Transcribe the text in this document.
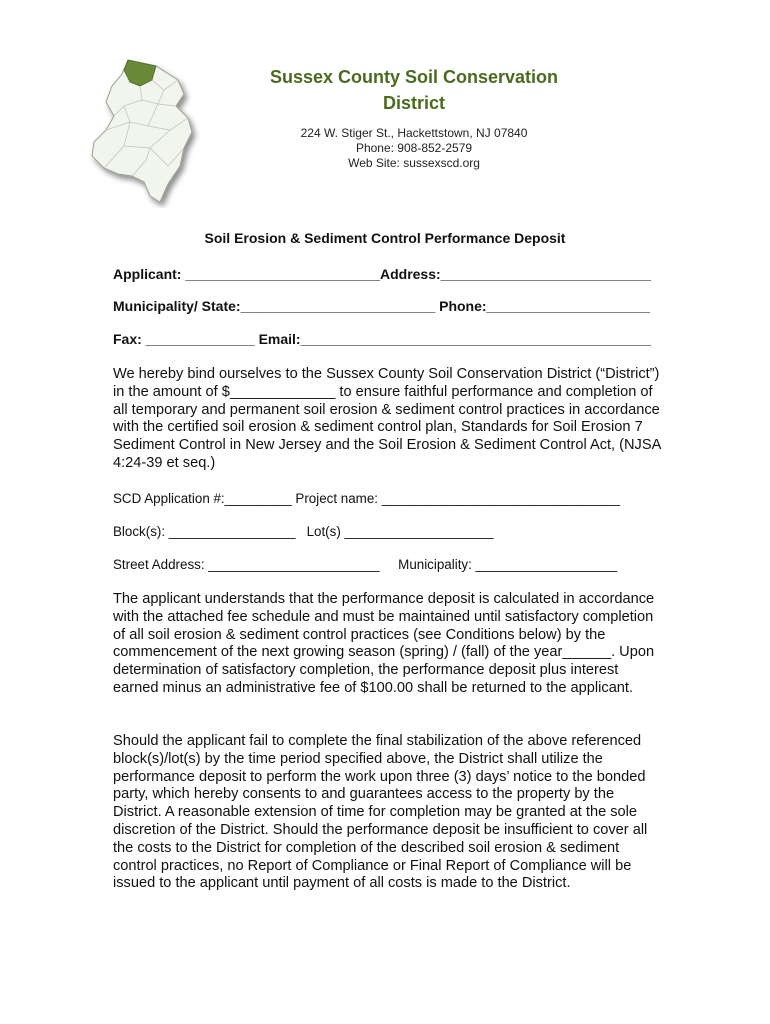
Sussex County Soil Conservation
District
224 W. Stiger St., Hackettstown, NJ 07840
Phone: 908-852-2579
Web Site: sussexscd.org
Soil Erosion & Sediment Control Performance Deposit
Applicant: _________________________Address:___________________________
Municipality/ State:_________________________ Phone:_____________________
Fax: ______________ Email:_____________________________________________

We hereby bind ourselves to the Sussex County Soil Conservation District (“District”) in the amount of $_____________ to ensure faithful performance and completion of all temporary and permanent soil erosion & sediment control practices in accordance with the certified soil erosion & sediment control plan, Standards for Soil Erosion 7 Sediment Control in New Jersey and the Soil Erosion & Sediment Control Act, (NJSA 4:24-39 et seq.)

SCD Application #:_________ Project name: ________________________________
Block(s): _________________   Lot(s) ____________________
Street Address: _______________________     Municipality: ___________________

The applicant understands that the performance deposit is calculated in accordance with the attached fee schedule and must be maintained until satisfactory completion of all soil erosion & sediment control practices (see Conditions below) by the commencement of the next growing season (spring) / (fall) of the year______. Upon determination of satisfactory completion, the performance deposit plus interest earned minus an administrative fee of $100.00 shall be returned to the applicant.

Should the applicant fail to complete the final stabilization of the above referenced block(s)/lot(s) by the time period specified above, the District shall utilize the performance deposit to perform the work upon three (3) days’ notice to the bonded party, which hereby consents to and guarantees access to the property by the District. A reasonable extension of time for completion may be granted at the sole discretion of the District. Should the performance deposit be insufficient to cover all the costs to the District for completion of the described soil erosion & sediment control practices, no Report of Compliance or Final Report of Compliance will be issued to the applicant until payment of all costs is made to the District.
